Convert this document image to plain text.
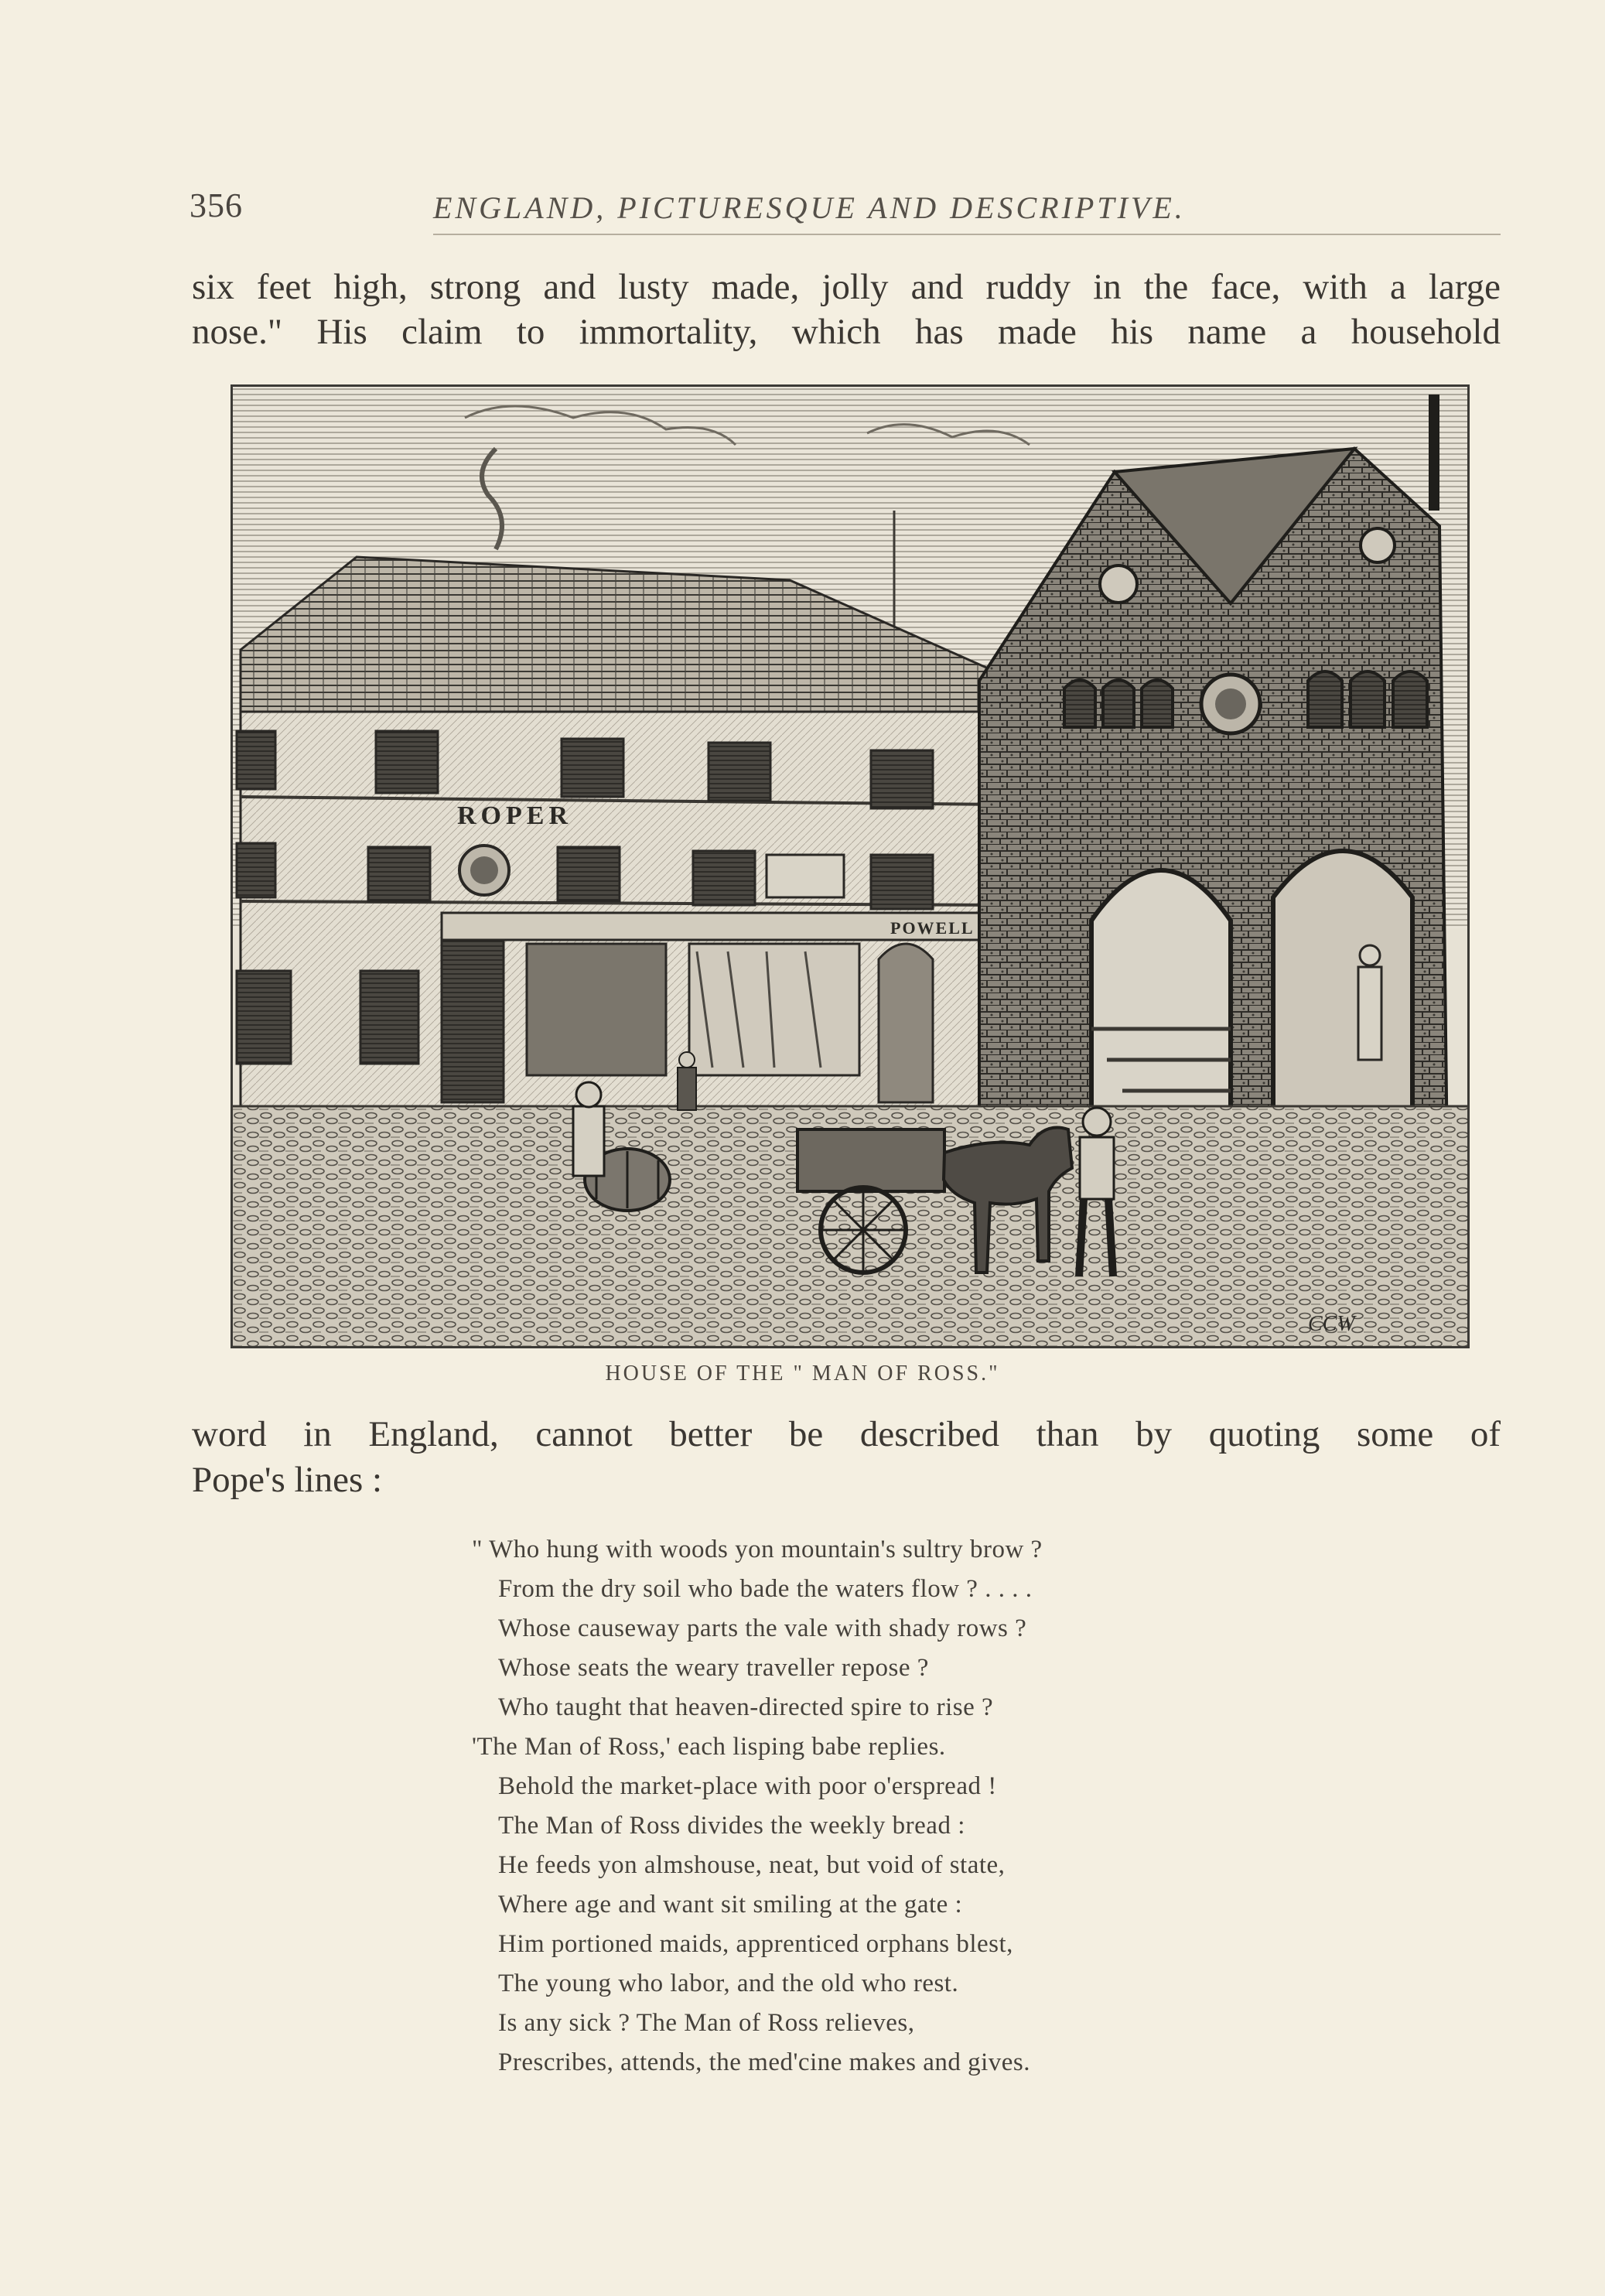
356	ENGLAND, PICTURESQUE AND DESCRIPTIVE.
six feet high, strong and lusty made, jolly and ruddy in the face, with a large
nose." His claim to immortality, which has made his name a household
ROPER
POWELL
CCW
HOUSE OF THE " MAN OF ROSS."
word in England, cannot better be described than by quoting some of
Pope's lines :
" Who hung with woods yon mountain's sultry brow ?
From the dry soil who bade the waters flow ? . . . .
Whose causeway parts the vale with shady rows ?
Whose seats the weary traveller repose ?
Who taught that heaven-directed spire to rise ?
'The Man of Ross,' each lisping babe replies.
Behold the market-place with poor o'erspread !
The Man of Ross divides the weekly bread :
He feeds yon almshouse, neat, but void of state,
Where age and want sit smiling at the gate :
Him portioned maids, apprenticed orphans blest,
The young who labor, and the old who rest.
Is any sick ? The Man of Ross relieves,
Prescribes, attends, the med'cine makes and gives.
